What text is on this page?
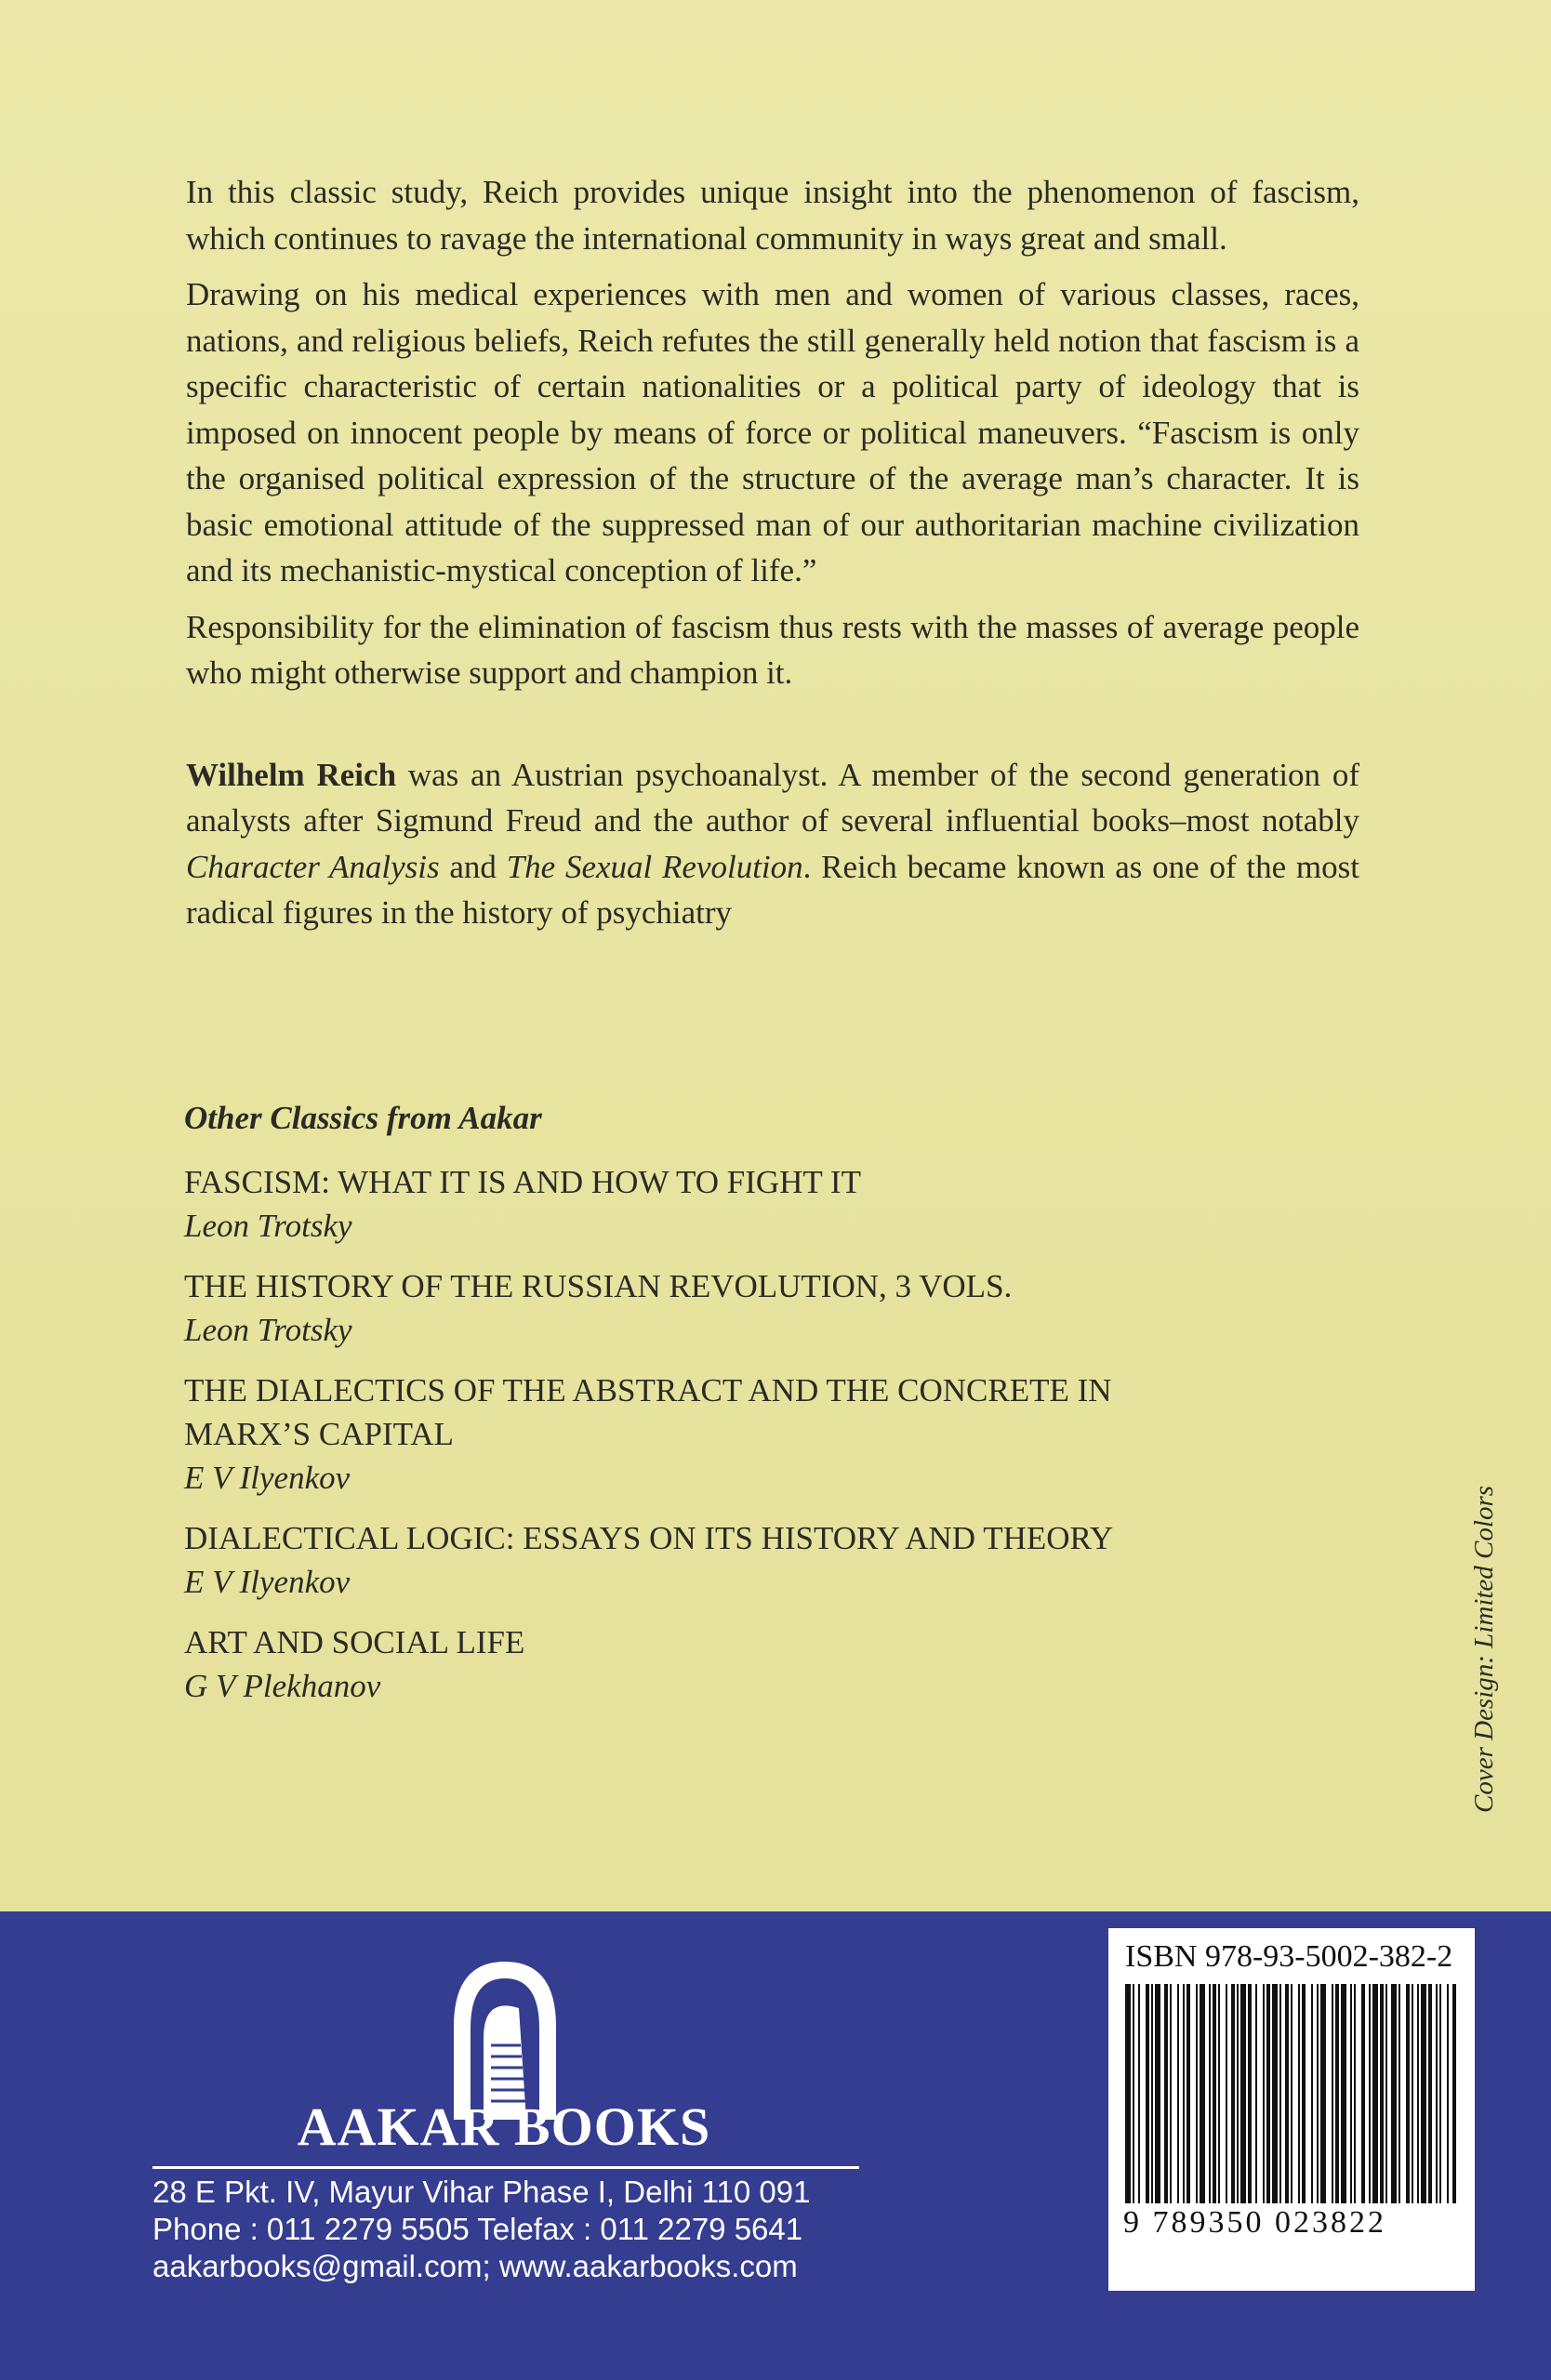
In this classic study, Reich provides unique insight into the phenomenon of fascism, which continues to ravage the international community in ways great and small.

Drawing on his medical experiences with men and women of various classes, races, nations, and religious beliefs, Reich refutes the still generally held notion that fascism is a specific characteristic of certain nationalities or a political party of ideology that is imposed on innocent people by means of force or political maneuvers. “Fascism is only the organised political expression of the structure of the average man’s character. It is basic emotional attitude of the suppressed man of our authoritarian machine civilization and its mechanistic-mystical conception of life.”

Responsibility for the elimination of fascism thus rests with the masses of average people who might otherwise support and champion it.

Wilhelm Reich was an Austrian psychoanalyst. A member of the second generation of analysts after Sigmund Freud and the author of several influential books–most notably Character Analysis and The Sexual Revolution. Reich became known as one of the most radical figures in the history of psychiatry

Other Classics from Aakar
FASCISM: WHAT IT IS AND HOW TO FIGHT IT
Leon Trotsky
THE HISTORY OF THE RUSSIAN REVOLUTION, 3 VOLS.
Leon Trotsky
THE DIALECTICS OF THE ABSTRACT AND THE CONCRETE IN MARX’S CAPITAL
E V Ilyenkov
DIALECTICAL LOGIC: ESSAYS ON ITS HISTORY AND THEORY
E V Ilyenkov
ART AND SOCIAL LIFE
G V Plekhanov	Cover Design: Limited Colors
AAKAR BOOKS
28 E Pkt. IV, Mayur Vihar Phase I, Delhi 110 091
Phone : 011 2279 5505 Telefax : 011 2279 5641
aakarbooks@gmail.com; www.aakarbooks.com
ISBN 978-93-5002-382-2
9 789350 023822
